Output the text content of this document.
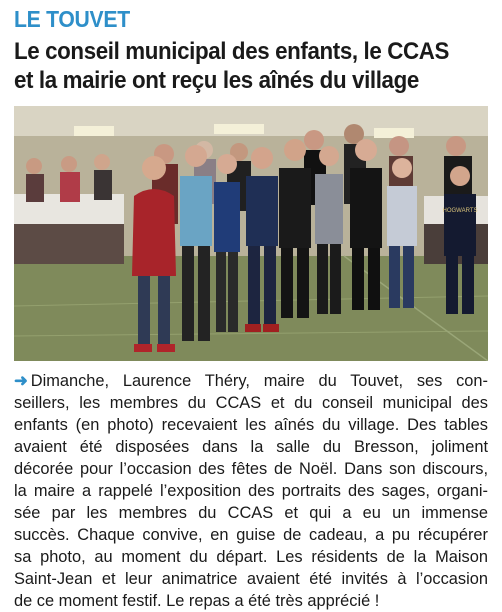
LE TOUVET
Le conseil municipal des enfants, le CCAS
et la mairie ont reçu les aînés du village
HOGWARTS
➜ Dimanche, Laurence Théry, maire du Touvet, ses con-
seillers, les membres du CCAS et du conseil municipal des
enfants (en photo) recevaient les aînés du village. Des tables
avaient été disposées dans la salle du Bresson, joliment
décorée pour l’occasion des fêtes de Noël. Dans son discours,
la maire a rappelé l’exposition des portraits des sages, organi-
sée par les membres du CCAS et qui a eu un immense
succès. Chaque convive, en guise de cadeau, a pu récupérer
sa photo, au moment du départ. Les résidents de la Maison
Saint-Jean et leur animatrice avaient été invités à l’occasion
de ce moment festif. Le repas a été très apprécié !
